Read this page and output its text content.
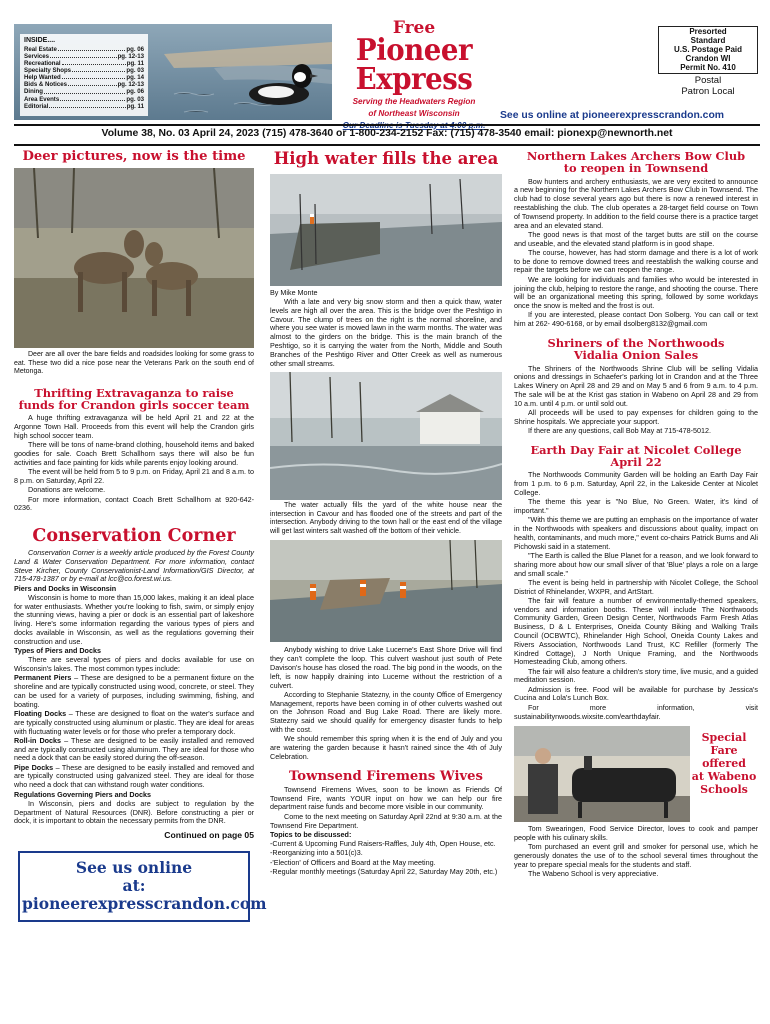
INSIDE....
Real Estate	pg. 06
Services	pg. 12-13
Recreational	pg. 11
Specialty Shops	pg. 03
Help Wanted	pg. 14
Bids & Notices	pg. 12-13
Dining	pg. 06
Area Events	pg. 03
Editorial	pg. 11
Free
Pioneer
Express
Serving the Headwaters Region
of Northeast Wisconsin
Presorted
Standard
U.S. Postage Paid
Crandon WI
Permit No. 410
Postal
Patron Local
See us online at pioneerexpresscrandon.com
Volume 38, No. 03 April 24, 2023 (715) 478-3640 or 1-800-234-2152 Fax: (715) 478-3540 email: pionexp@newnorth.net
Deer pictures, now is the time

Deer are all over the bare fields and roadsides looking for some grass to eat. These two did a nice pose near the Veterans Park on the south end of Metonga.

Thrifting Extravaganza to raise
funds for Crandon girls soccer team

A huge thrifting extravaganza will be held April 21 and 22 at the Argonne Town Hall. Proceeds from this event will help the Crandon girls high school soccer team.

There will be tons of name-brand clothing, household items and baked goodies for sale. Coach Brett Schallhorn says there will also be fun activities and face painting for kids while parents enjoy looking around.

The event will be held from 5 to 9 p.m. on Friday, April 21 and 8 a.m. to 8 p.m. on Saturday, April 22.

Donations are welcome.

For more information, contact Coach Brett Schallhorn at 920-642-0236.

Conservation Corner

Conservation Corner is a weekly article produced by the Forest County Land & Water Conservation Department. For more information, contact Steve Kircher, County Conservationist-Land Information/GIS Director, at 715-478-1387 or by e-mail at lcc@co.forest.wi.us.

Piers and Docks in Wisconsin

Wisconsin is home to more than 15,000 lakes, making it an ideal place for water enthusiasts. Whether you're looking to fish, swim, or simply enjoy the stunning views, having a pier or dock is an essential part of lakeshore living. Here's some information regarding the various types of piers and docks available in Wisconsin, as well as the regulations governing their construction and use.

Types of Piers and Docks

There are several types of piers and docks available for use on Wisconsin's lakes. The most common types include:

Permanent Piers – These are designed to be a permanent fixture on the shoreline and are typically constructed using wood, concrete, or steel. They can be used for a variety of purposes, including swimming, fishing, and boating.

Floating Docks – These are designed to float on the water's surface and are typically constructed using aluminum or plastic. They are ideal for areas with fluctuating water levels or for those who prefer a temporary dock.

Roll-in Docks – These are designed to be easily installed and removed and are typically constructed using aluminum. They are ideal for those who need a dock that can be easily stored during the off-season.

Pipe Docks – These are designed to be easily installed and removed and are typically constructed using galvanized steel. They are ideal for those who need a dock that can withstand rough water conditions.

Regulations Governing Piers and Docks

In Wisconsin, piers and docks are subject to regulation by the Department of Natural Resources (DNR). Before constructing a pier or dock, it is important to obtain the necessary permits from the DNR.

Continued on page 05
See us online
at:
pioneerexpresscrandon.com
High water fills the area

By Mike Monte

With a late and very big snow storm and then a quick thaw, water levels are high all over the area. This is the bridge over the Peshtigo in Cavour. The clump of trees on the right is the normal shoreline, and where you see water is mowed lawn in the warm months. The water was almost to the girders on the bridge. This is the main branch of the Peshtigo, so it is carrying the water from the North, Middle and South Branches of the Peshtigo River and Otter Creek as well as numerous other small streams.

The water actually fills the yard of the white house near the intersection in Cavour and has flooded one of the streets and part of the intersection. Anybody driving to the town hall or the east end of the village will get last winters salt washed off the bottom of their vehicle.

Anybody wishing to drive Lake Lucerne's East Shore Drive will find they can't complete the loop. This culvert washout just south of Pete Davison's house has closed the road. The big pond in the woods, on the left, is now happily draining into Lucerne without the restriction of a culvert.

According to Stephanie Statezny, in the county Office of Emergency Management, reports have been coming in of other culverts washed out on the Johnson Road and Bug Lake Road. There are likely more. Statezny said we should qualify for emergency disaster funds to help with the cost.

We should remember this spring when it is the end of July and you are watering the garden because it hasn't rained since the 4th of July Celebration.

Townsend Firemens Wives

Townsend Firemens Wives, soon to be known as Friends Of Townsend Fire, wants YOUR input on how we can help our fire department raise funds and become more visible in our community.

Come to the next meeting on Saturday April 22nd at 9:30 a.m. at the Townsend Fire Department.

Topics to be discussed:

-Current & Upcoming Fund Raisers-Raffles, July 4th, Open House, etc.

-Reorganizing into a 501(c)3.

-'Election' of Officers and Board at the May meeting.

-Regular monthly meetings (Saturday April 22, Saturday May 20th, etc.)

Northern Lakes Archers Bow Club
to reopen in Townsend

Bow hunters and archery enthusiasts, we are very excited to announce a new beginning for the Northern Lakes Archers Bow Club in Townsend. The club had to close several years ago but there is now a renewed interest in reestablishing the club. The club operates a 28-target field course on Town of Townsend property. In addition to the field course there is a practice target area and an elevated stand.

The good news is that most of the target butts are still on the course and useable, and the elevated stand platform is in good shape.

The course, however, has had storm damage and there is a lot of work to be done to remove downed trees and reestablish the walking course and repair the targets before we can reopen the range.

We are looking for individuals and families who would be interested in joining the club, helping to restore the range, and shooting the course. There will be an organizational meeting this spring, followed by some workdays once the snow is melted and the frost is out.

If you are interested, please contact Don Solberg. You can call or text him at 262- 490-6168, or by email dsolberg8132@gmail.com

Shriners of the Northwoods
Vidalia Onion Sales

The Shriners of the Northwoods Shrine Club will be selling Vidalia onions and dressings in Schaefer's parking lot in Crandon and at the Three Lakes Winery on April 28 and 29 and on May 5 and 6 from 9 a.m. to 4 p.m. The sale will be at the Krist gas station in Wabeno on April 28 and 29 from 10 a.m. until 4 p.m. or until sold out.

All proceeds will be used to pay expenses for children going to the Shrine hospitals. We appreciate your support.

If there are any questions, call Bob May at 715-478-5012.

Earth Day Fair at Nicolet College
April 22

The Northwoods Community Garden will be holding an Earth Day Fair from 1 p.m. to 6 p.m. Saturday, April 22, in the Lakeside Center at Nicolet College.

The theme this year is "No Blue, No Green. Water, it's kind of important."

"With this theme we are putting an emphasis on the importance of water in the Northwoods with speakers and discussions about quality, impact on health, contaminants, and much more," event co-chairs Patrick Burns and Ali Pichowski said in a statement.

"The Earth is called the Blue Planet for a reason, and we look forward to sharing more about how our small sliver of that 'Blue' plays a role on a large and small scale."

The event is being held in partnership with Nicolet College, the School District of Rhinelander, WXPR, and ArtStart.

The fair will feature a number of environmentally-themed speakers, vendors and information booths. These will include The Northwoods Community Garden, Green Design Center, Northwoods Farm Fresh Atlas Business, D & L Enterprises, Oneida County Biking and Walking Trails Council (OCBWTC), Rhinelander High School, Oneida County Lakes and Rivers Association, Northwoods Land Trust, KC Refiller (formerly The Kindred Cottage), J North Unique Framing, and the Northwoods Homesteading Club, among others.

The fair will also feature a children's story time, live music, and a guided meditation session.

Admission is free. Food will be available for purchase by Jessica's Cucina and Lola's Lunch Box.

For more information, visit sustainabilitynwoods.wixsite.com/earthdayfair.

Special
Fare
offered
at Wabeno
Schools

Tom Swearingen, Food Service Director, loves to cook and pamper people with his culinary skills.

Tom purchased an event grill and smoker for personal use, which he generously donates the use of to the school several times throughout the year to prepare special meals for the students and staff.

The Wabeno School is very appreciative.
